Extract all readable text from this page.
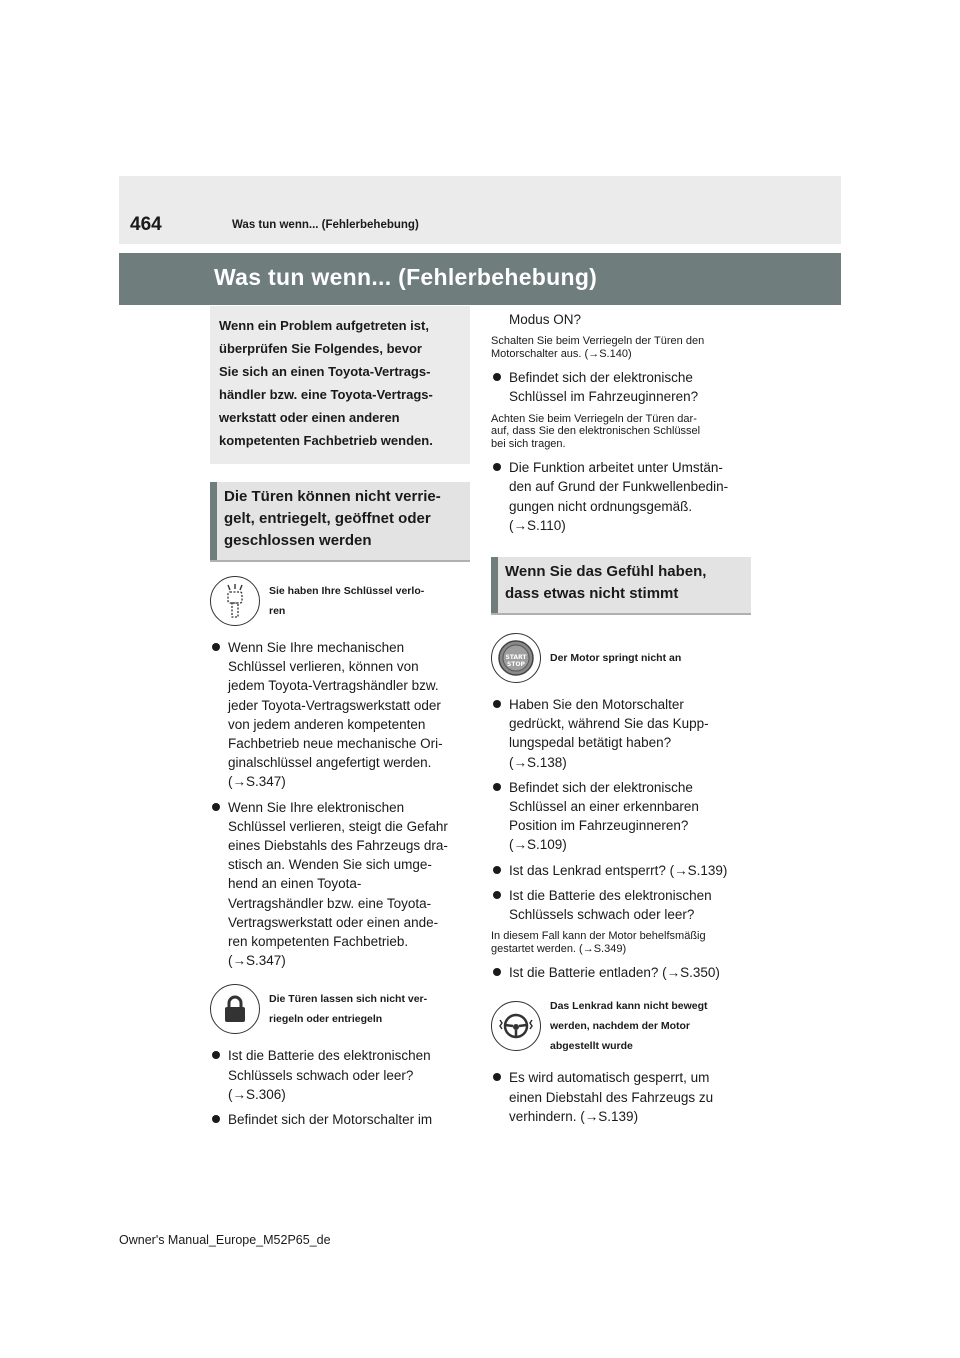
464	Was tun wenn... (Fehlerbehebung)
Was tun wenn... (Fehlerbehebung)

Wenn ein Problem aufgetreten ist,

überprüfen Sie Folgendes, bevor

Sie sich an einen Toyota-Vertrags-

händler bzw. eine Toyota-Vertrags-

werkstatt oder einen anderen

kompetenten Fachbetrieb wenden.

Die Türen können nicht verrie-

gelt, entriegelt, geöffnet oder

geschlossen werden

Sie haben Ihre Schlüssel verlo-
ren
Wenn Sie Ihre mechanischen
Schlüssel verlieren, können von
jedem Toyota-Vertragshändler bzw.
jeder Toyota-Vertragswerkstatt oder
von jedem anderen kompetenten
Fachbetrieb neue mechanische Ori-
ginalschlüssel angefertigt werden.
(→S.347)
Wenn Sie Ihre elektronischen
Schlüssel verlieren, steigt die Gefahr
eines Diebstahls des Fahrzeugs dra-
stisch an. Wenden Sie sich umge-
hend an einen Toyota-
Vertragshändler bzw. eine Toyota-
Vertragswerkstatt oder einen ande-
ren kompetenten Fachbetrieb.
(→S.347)
Die Türen lassen sich nicht ver-
riegeln oder entriegeln
Ist die Batterie des elektronischen
Schlüssels schwach oder leer?
(→S.306)
Befindet sich der Motorschalter im
Modus ON?
Schalten Sie beim Verriegeln der Türen den
Motorschalter aus. (→S.140)
Befindet sich der elektronische
Schlüssel im Fahrzeuginneren?
Achten Sie beim Verriegeln der Türen dar-
auf, dass Sie den elektronischen Schlüssel
bei sich tragen.
Die Funktion arbeitet unter Umstän-
den auf Grund der Funkwellenbedin-
gungen nicht ordnungsgemäß.
(→S.110)

Wenn Sie das Gefühl haben,

dass etwas nicht stimmt

START
STOP
Der Motor springt nicht an
Haben Sie den Motorschalter
gedrückt, während Sie das Kupp-
lungspedal betätigt haben?
(→S.138)
Befindet sich der elektronische
Schlüssel an einer erkennbaren
Position im Fahrzeuginneren?
(→S.109)
Ist das Lenkrad entsperrt? (→S.139)
Ist die Batterie des elektronischen
Schlüssels schwach oder leer?
In diesem Fall kann der Motor behelfsmäßig
gestartet werden. (→S.349)
Ist die Batterie entladen? (→S.350)
Das Lenkrad kann nicht bewegt
werden, nachdem der Motor
abgestellt wurde
Es wird automatisch gesperrt, um
einen Diebstahl des Fahrzeugs zu
verhindern. (→S.139)
Owner's Manual_Europe_M52P65_de
